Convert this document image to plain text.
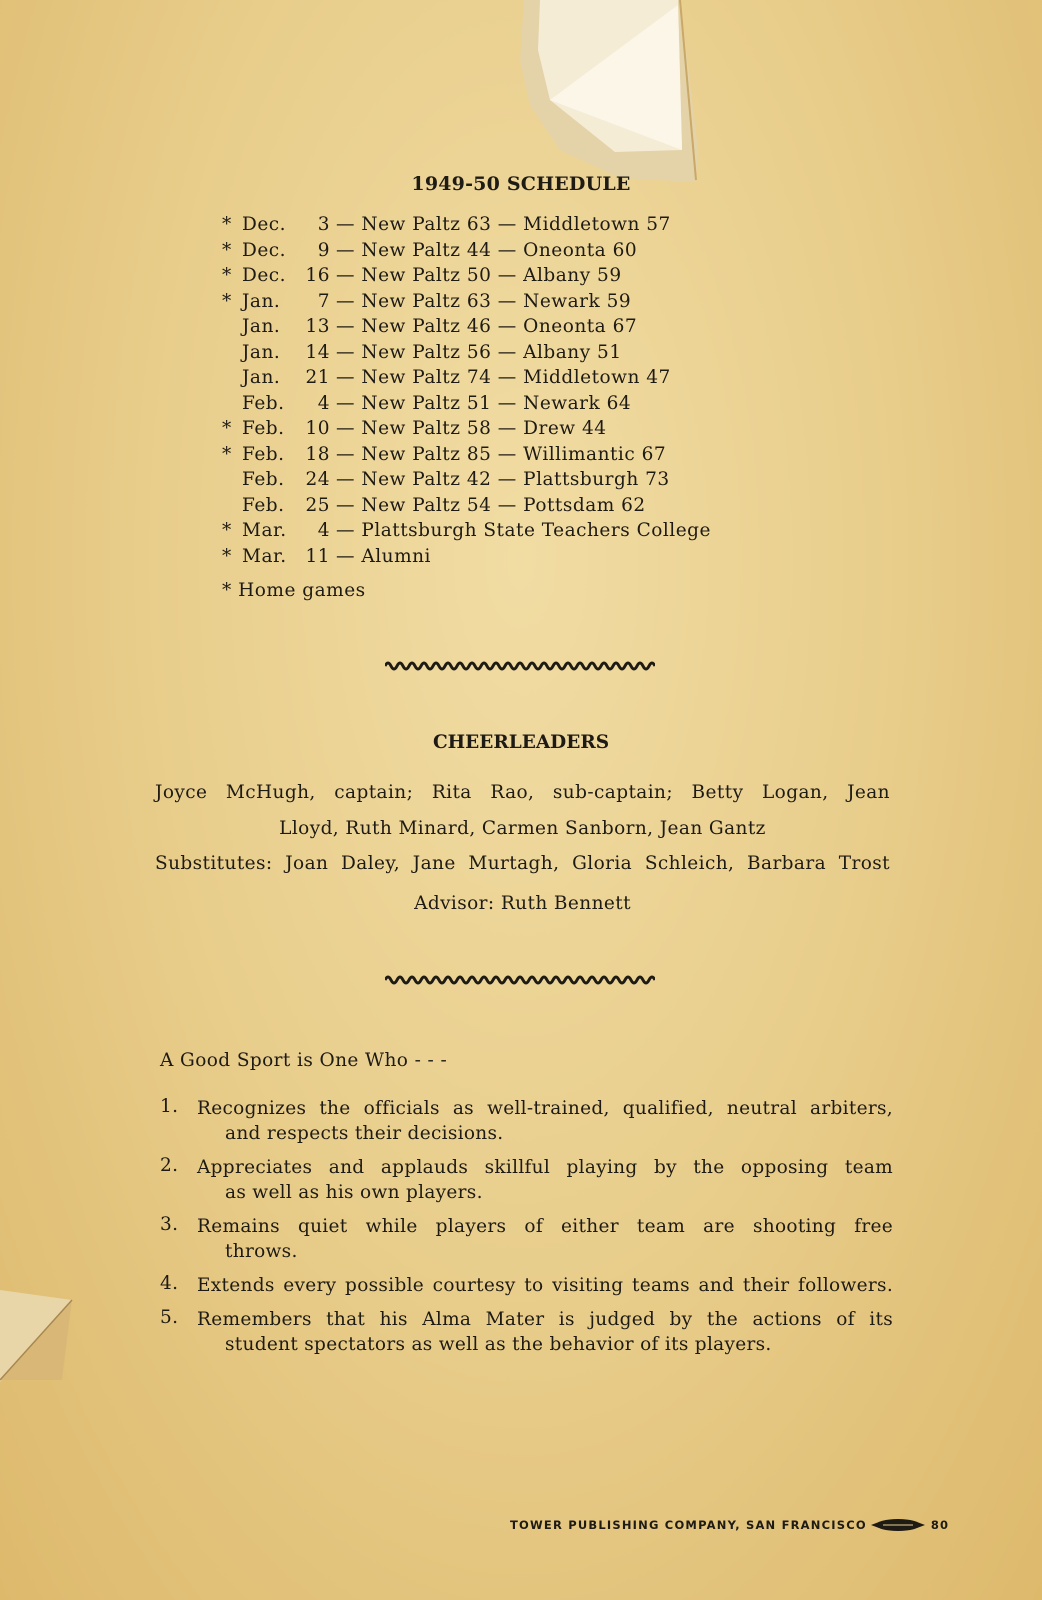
1949-50 SCHEDULE
* Dec. 3 — New Paltz 63 — Middletown 57
* Dec. 9 — New Paltz 44 — Oneonta 60
* Dec. 16 — New Paltz 50 — Albany 59
* Jan. 7 — New Paltz 63 — Newark 59
Jan. 13 — New Paltz 46 — Oneonta 67
Jan. 14 — New Paltz 56 — Albany 51
Jan. 21 — New Paltz 74 — Middletown 47
Feb. 4 — New Paltz 51 — Newark 64
* Feb. 10 — New Paltz 58 — Drew 44
* Feb. 18 — New Paltz 85 — Willimantic 67
Feb. 24 — New Paltz 42 — Plattsburgh 73
Feb. 25 — New Paltz 54 — Pottsdam 62
* Mar. 4 — Plattsburgh State Teachers College
* Mar. 11 — Alumni
* Home games
CHEERLEADERS
Joyce McHugh, captain; Rita Rao, sub-captain; Betty Logan, Jean
Lloyd, Ruth Minard, Carmen Sanborn, Jean Gantz
Substitutes: Joan Daley, Jane Murtagh, Gloria Schleich, Barbara Trost
Advisor: Ruth Bennett
A Good Sport is One Who - - -
1.	Recognizes the officials as well-trained, qualified, neutral arbiters,
and respects their decisions.
2.	Appreciates and applauds skillful playing by the opposing team
as well as his own players.
3.	Remains quiet while players of either team are shooting free
throws.
4.	Extends every possible courtesy to visiting teams and their followers.
5.	Remembers that his Alma Mater is judged by the actions of its
student spectators as well as the behavior of its players.
TOWER PUBLISHING COMPANY, SAN FRANCISCO	80
